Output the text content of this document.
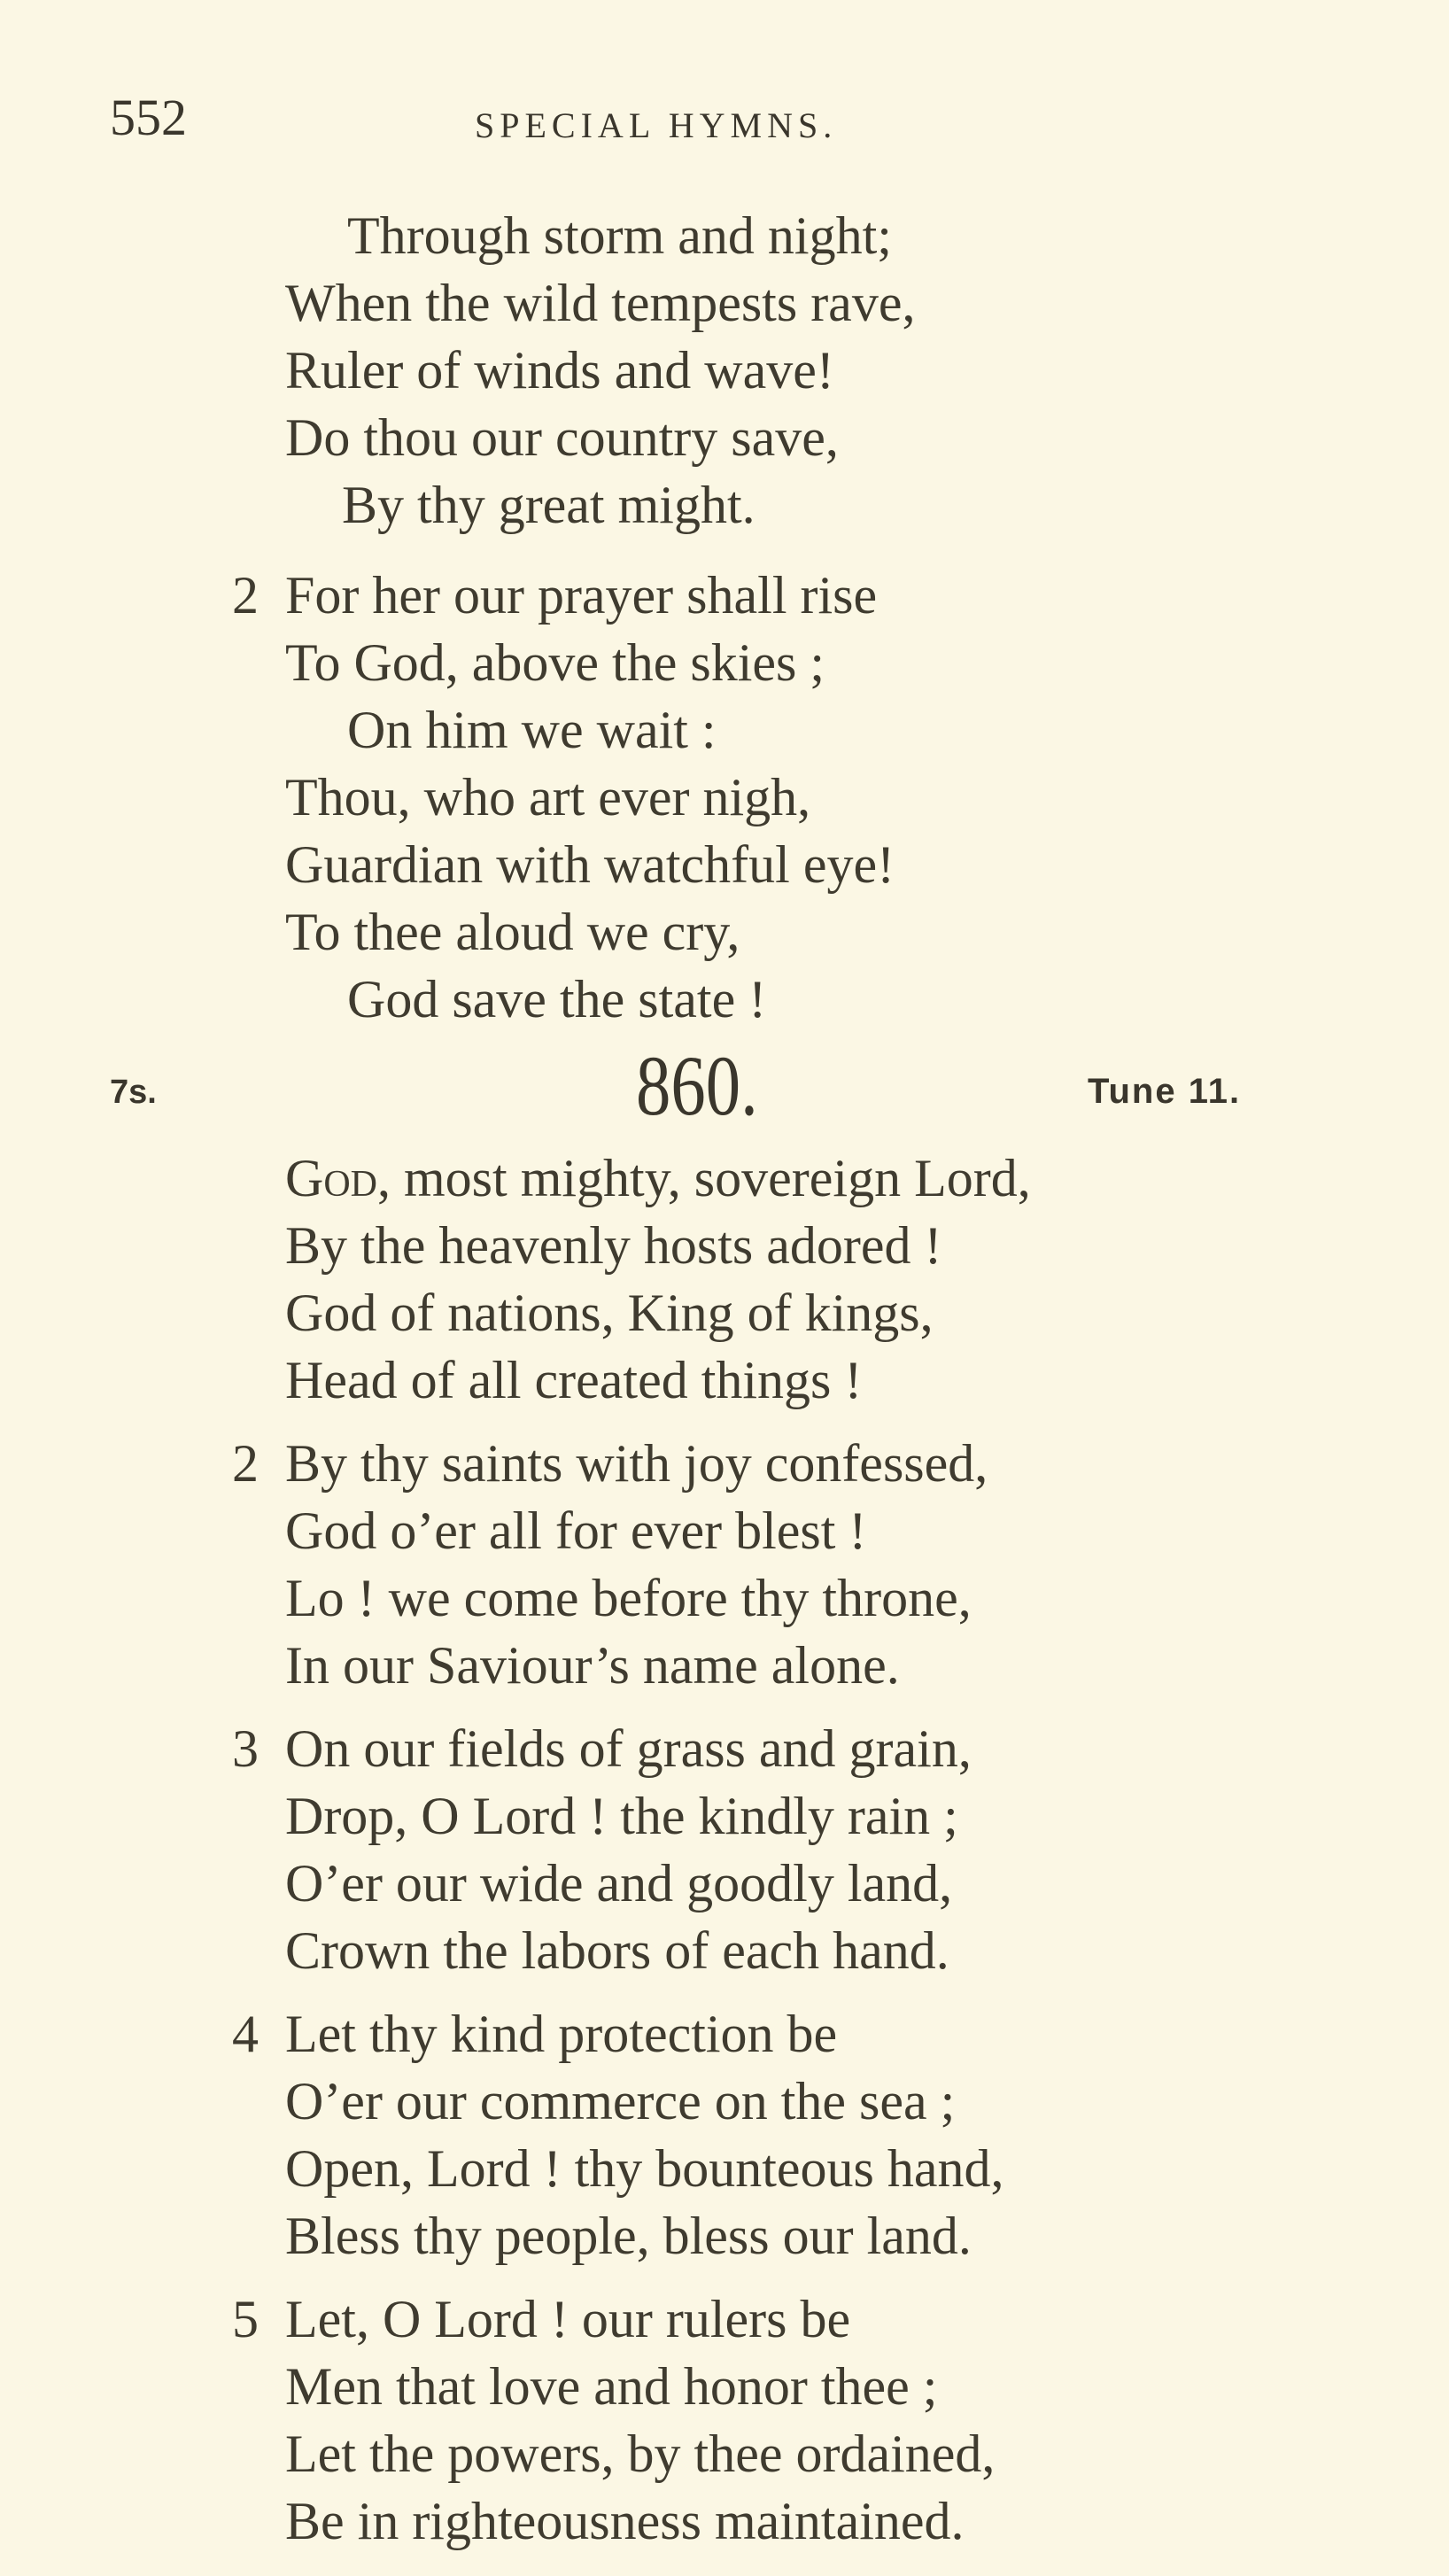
552	SPECIAL HYMNS.
Through storm and night;
When the wild tempests rave,
Ruler of winds and wave!
Do thou our country save,
By thy great might.
2 For her our prayer shall rise
To God, above the skies ;
On him we wait :
Thou, who art ever nigh,
Guardian with watchful eye!
To thee aloud we cry,
God save the state !
7s.	860.	Tune 11.
God, most mighty, sovereign Lord,
By the heavenly hosts adored !
God of nations, King of kings,
Head of all created things !
2 By thy saints with joy confessed,
God o’er all for ever blest !
Lo ! we come before thy throne,
In our Saviour’s name alone.
3 On our fields of grass and grain,
Drop, O Lord ! the kindly rain ;
O’er our wide and goodly land,
Crown the labors of each hand.
4 Let thy kind protection be
O’er our commerce on the sea ;
Open, Lord ! thy bounteous hand,
Bless thy people, bless our land.
5 Let, O Lord ! our rulers be
Men that love and honor thee ;
Let the powers, by thee ordained,
Be in righteousness maintained.
